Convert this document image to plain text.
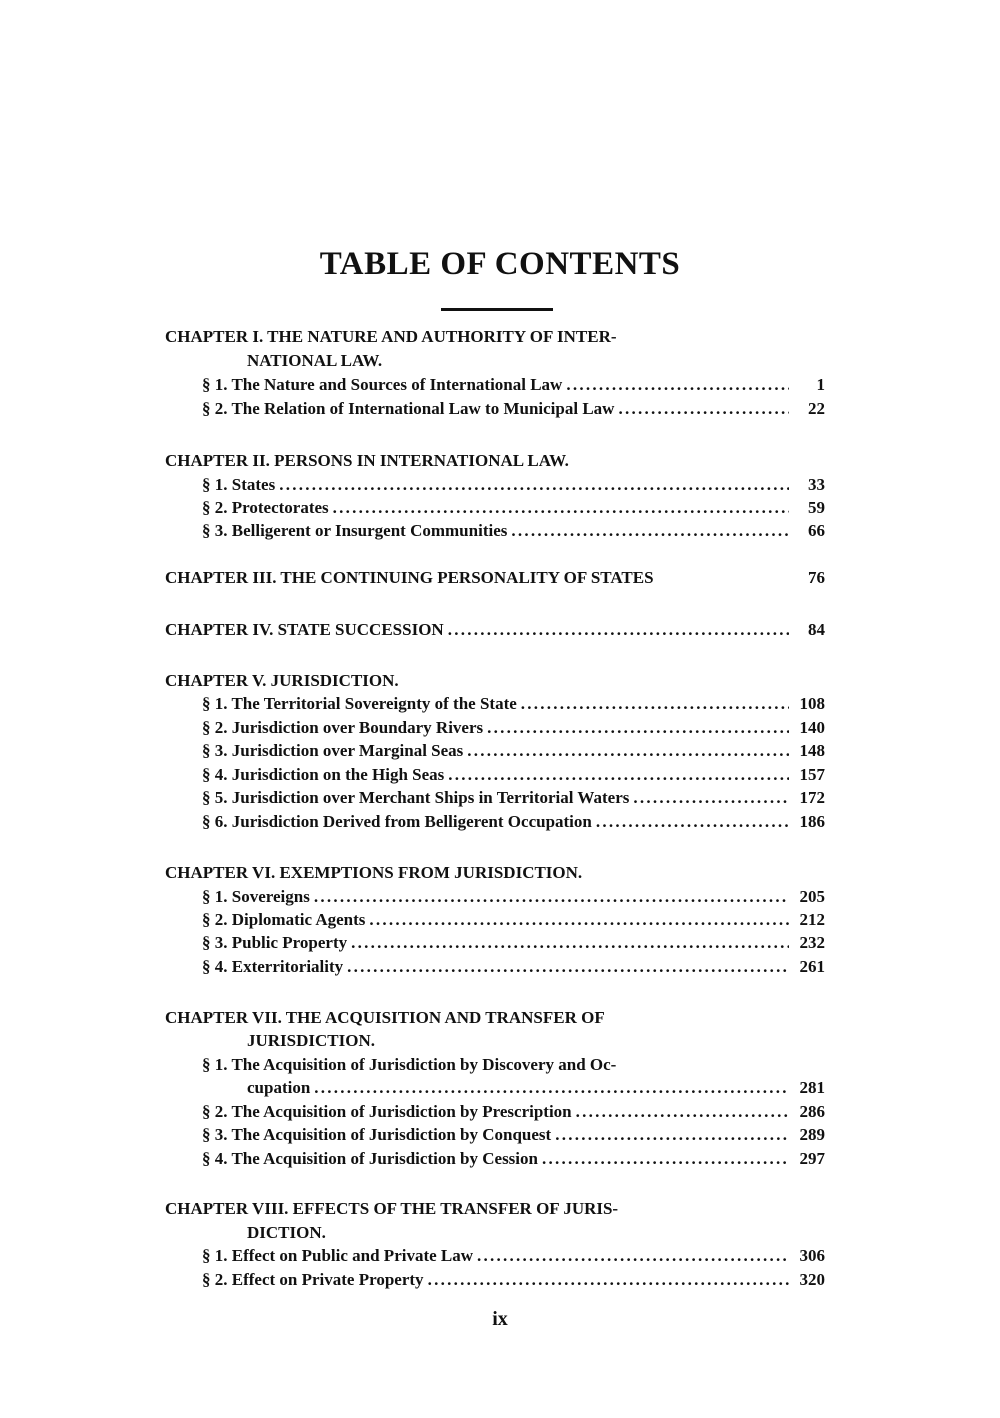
TABLE OF CONTENTS
CHAPTER I. THE NATURE AND AUTHORITY OF INTER-
NATIONAL LAW.
§ 1. The Nature and Sources of International Law . . .	1
§ 2. The Relation of International Law to Municipal Law . . .	22
CHAPTER II. PERSONS IN INTERNATIONAL LAW.
§ 1. States . . .	33
§ 2. Protectorates . . .	59
§ 3. Belligerent or Insurgent Communities . . .	66
CHAPTER III. THE CONTINUING PERSONALITY OF STATES	76
CHAPTER IV. STATE SUCCESSION . . .	84
CHAPTER V. JURISDICTION.
§ 1. The Territorial Sovereignty of the State . . .	108
§ 2. Jurisdiction over Boundary Rivers . . .	140
§ 3. Jurisdiction over Marginal Seas . . .	148
§ 4. Jurisdiction on the High Seas . . .	157
§ 5. Jurisdiction over Merchant Ships in Territorial Waters . . .	172
§ 6. Jurisdiction Derived from Belligerent Occupation . . .	186
CHAPTER VI. EXEMPTIONS FROM JURISDICTION.
§ 1. Sovereigns . . .	205
§ 2. Diplomatic Agents . . .	212
§ 3. Public Property . . .	232
§ 4. Exterritoriality . . .	261
CHAPTER VII. THE ACQUISITION AND TRANSFER OF
JURISDICTION.
§ 1. The Acquisition of Jurisdiction by Discovery and Oc-
cupation . . .	281
§ 2. The Acquisition of Jurisdiction by Prescription . . .	286
§ 3. The Acquisition of Jurisdiction by Conquest . . .	289
§ 4. The Acquisition of Jurisdiction by Cession . . .	297
CHAPTER VIII. EFFECTS OF THE TRANSFER OF JURIS-
DICTION.
§ 1. Effect on Public and Private Law . . .	306
§ 2. Effect on Private Property . . .	320
ix
